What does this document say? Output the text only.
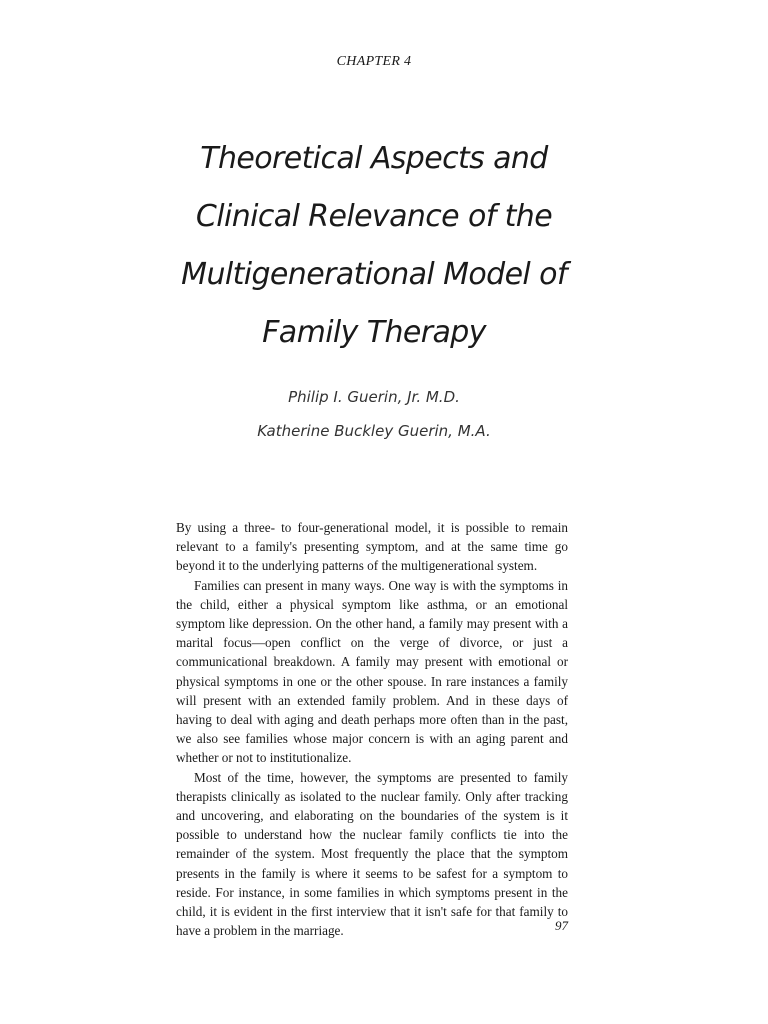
CHAPTER 4
Theoretical Aspects and
Clinical Relevance of the
Multigenerational Model of
Family Therapy
Philip I. Guerin, Jr. M.D.
Katherine Buckley Guerin, M.A.

By using a three- to four-generational model, it is possible to remain relevant to a family's presenting symptom, and at the same time go beyond it to the underlying patterns of the multigenerational system.

Families can present in many ways. One way is with the symptoms in the child, either a physical symptom like asthma, or an emotional symptom like depression. On the other hand, a family may present with a marital focus—open conflict on the verge of divorce, or just a communicational breakdown. A family may present with emotional or physical symptoms in one or the other spouse. In rare instances a family will present with an extended family problem. And in these days of having to deal with aging and death perhaps more often than in the past, we also see families whose major concern is with an aging parent and whether or not to institutionalize.

Most of the time, however, the symptoms are presented to family therapists clinically as isolated to the nuclear family. Only after tracking and uncovering, and elaborating on the boundaries of the system is it possible to understand how the nuclear family conflicts tie into the remainder of the system. Most frequently the place that the symptom presents in the family is where it seems to be safest for a symptom to reside. For instance, in some families in which symptoms present in the child, it is evident in the first interview that it isn't safe for that family to have a problem in the marriage.	97
